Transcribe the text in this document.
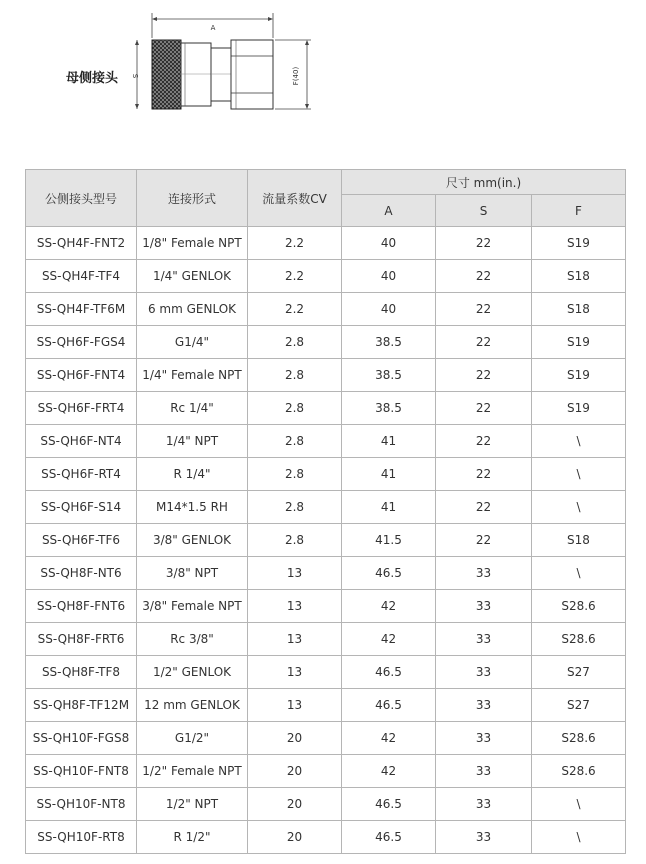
母侧接头
A
S	F(40)
公侧接头型号	连接形式	流量系数CV	尺寸 mm(in.)		
			A	S	F
SS-QH4F-FNT2	1/8" Female NPT	2.2	40	22	S19
SS-QH4F-TF4	1/4" GENLOK	2.2	40	22	S18
SS-QH4F-TF6M	6 mm GENLOK	2.2	40	22	S18
SS-QH6F-FGS4	G1/4"	2.8	38.5	22	S19
SS-QH6F-FNT4	1/4" Female NPT	2.8	38.5	22	S19
SS-QH6F-FRT4	Rc 1/4"	2.8	38.5	22	S19
SS-QH6F-NT4	1/4" NPT	2.8	41	22	\
SS-QH6F-RT4	R 1/4"	2.8	41	22	\
SS-QH6F-S14	M14*1.5 RH	2.8	41	22	\
SS-QH6F-TF6	3/8" GENLOK	2.8	41.5	22	S18
SS-QH8F-NT6	3/8" NPT	13	46.5	33	\
SS-QH8F-FNT6	3/8" Female NPT	13	42	33	S28.6
SS-QH8F-FRT6	Rc 3/8"	13	42	33	S28.6
SS-QH8F-TF8	1/2" GENLOK	13	46.5	33	S27
SS-QH8F-TF12M	12 mm GENLOK	13	46.5	33	S27
SS-QH10F-FGS8	G1/2"	20	42	33	S28.6
SS-QH10F-FNT8	1/2" Female NPT	20	42	33	S28.6
SS-QH10F-NT8	1/2" NPT	20	46.5	33	\
SS-QH10F-RT8	R 1/2"	20	46.5	33	\
